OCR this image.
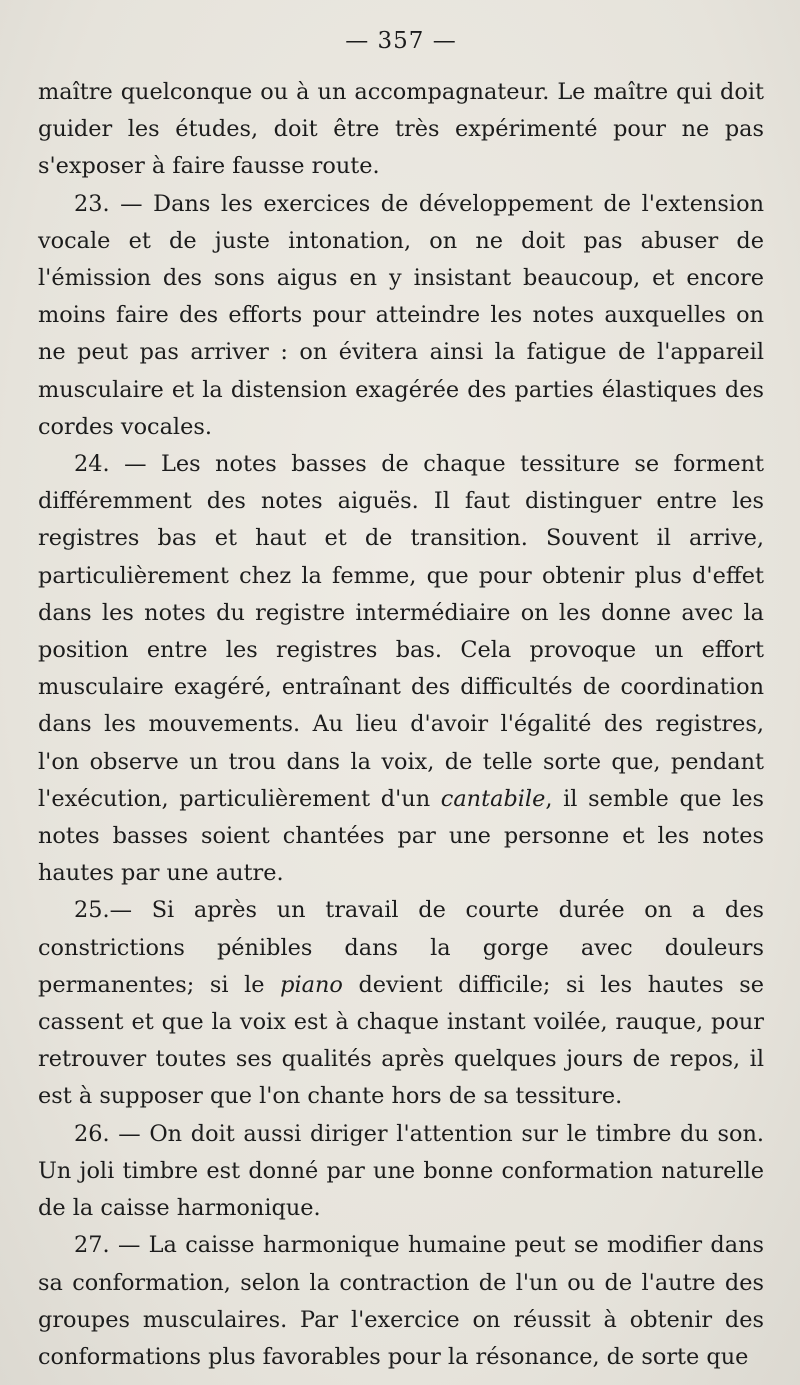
— 357 —

maître quelconque ou à un accompagnateur. Le maître qui doit guider les études, doit être très expérimenté pour ne pas s'exposer à faire fausse route.

23. — Dans les exercices de développement de l'extension vocale et de juste intonation, on ne doit pas abuser de l'émission des sons aigus en y insistant beaucoup, et encore moins faire des efforts pour atteindre les notes auxquelles on ne peut pas arriver : on évitera ainsi la fatigue de l'appareil musculaire et la distension exagérée des parties élastiques des cordes vocales.

24. — Les notes basses de chaque tessiture se forment différemment des notes aiguës. Il faut distinguer entre les registres bas et haut et de transition. Souvent il arrive, particulièrement chez la femme, que pour obtenir plus d'effet dans les notes du registre intermédiaire on les donne avec la position entre les registres bas. Cela provoque un effort musculaire exagéré, entraînant des difficultés de coordination dans les mouvements. Au lieu d'avoir l'égalité des registres, l'on observe un trou dans la voix, de telle sorte que, pendant l'exécution, particulièrement d'un cantabile, il semble que les notes basses soient chantées par une personne et les notes hautes par une autre.

25.— Si après un travail de courte durée on a des constrictions pénibles dans la gorge avec douleurs permanentes; si le piano devient difficile; si les hautes se cassent et que la voix est à chaque instant voilée, rauque, pour retrouver toutes ses qualités après quelques jours de repos, il est à supposer que l'on chante hors de sa tessiture.

26. — On doit aussi diriger l'attention sur le timbre du son. Un joli timbre est donné par une bonne conformation naturelle de la caisse harmonique.

27. — La caisse harmonique humaine peut se modifier dans sa conformation, selon la contraction de l'un ou de l'autre des groupes musculaires. Par l'exercice on réussit à obtenir des conformations plus favorables pour la résonance, de sorte que
